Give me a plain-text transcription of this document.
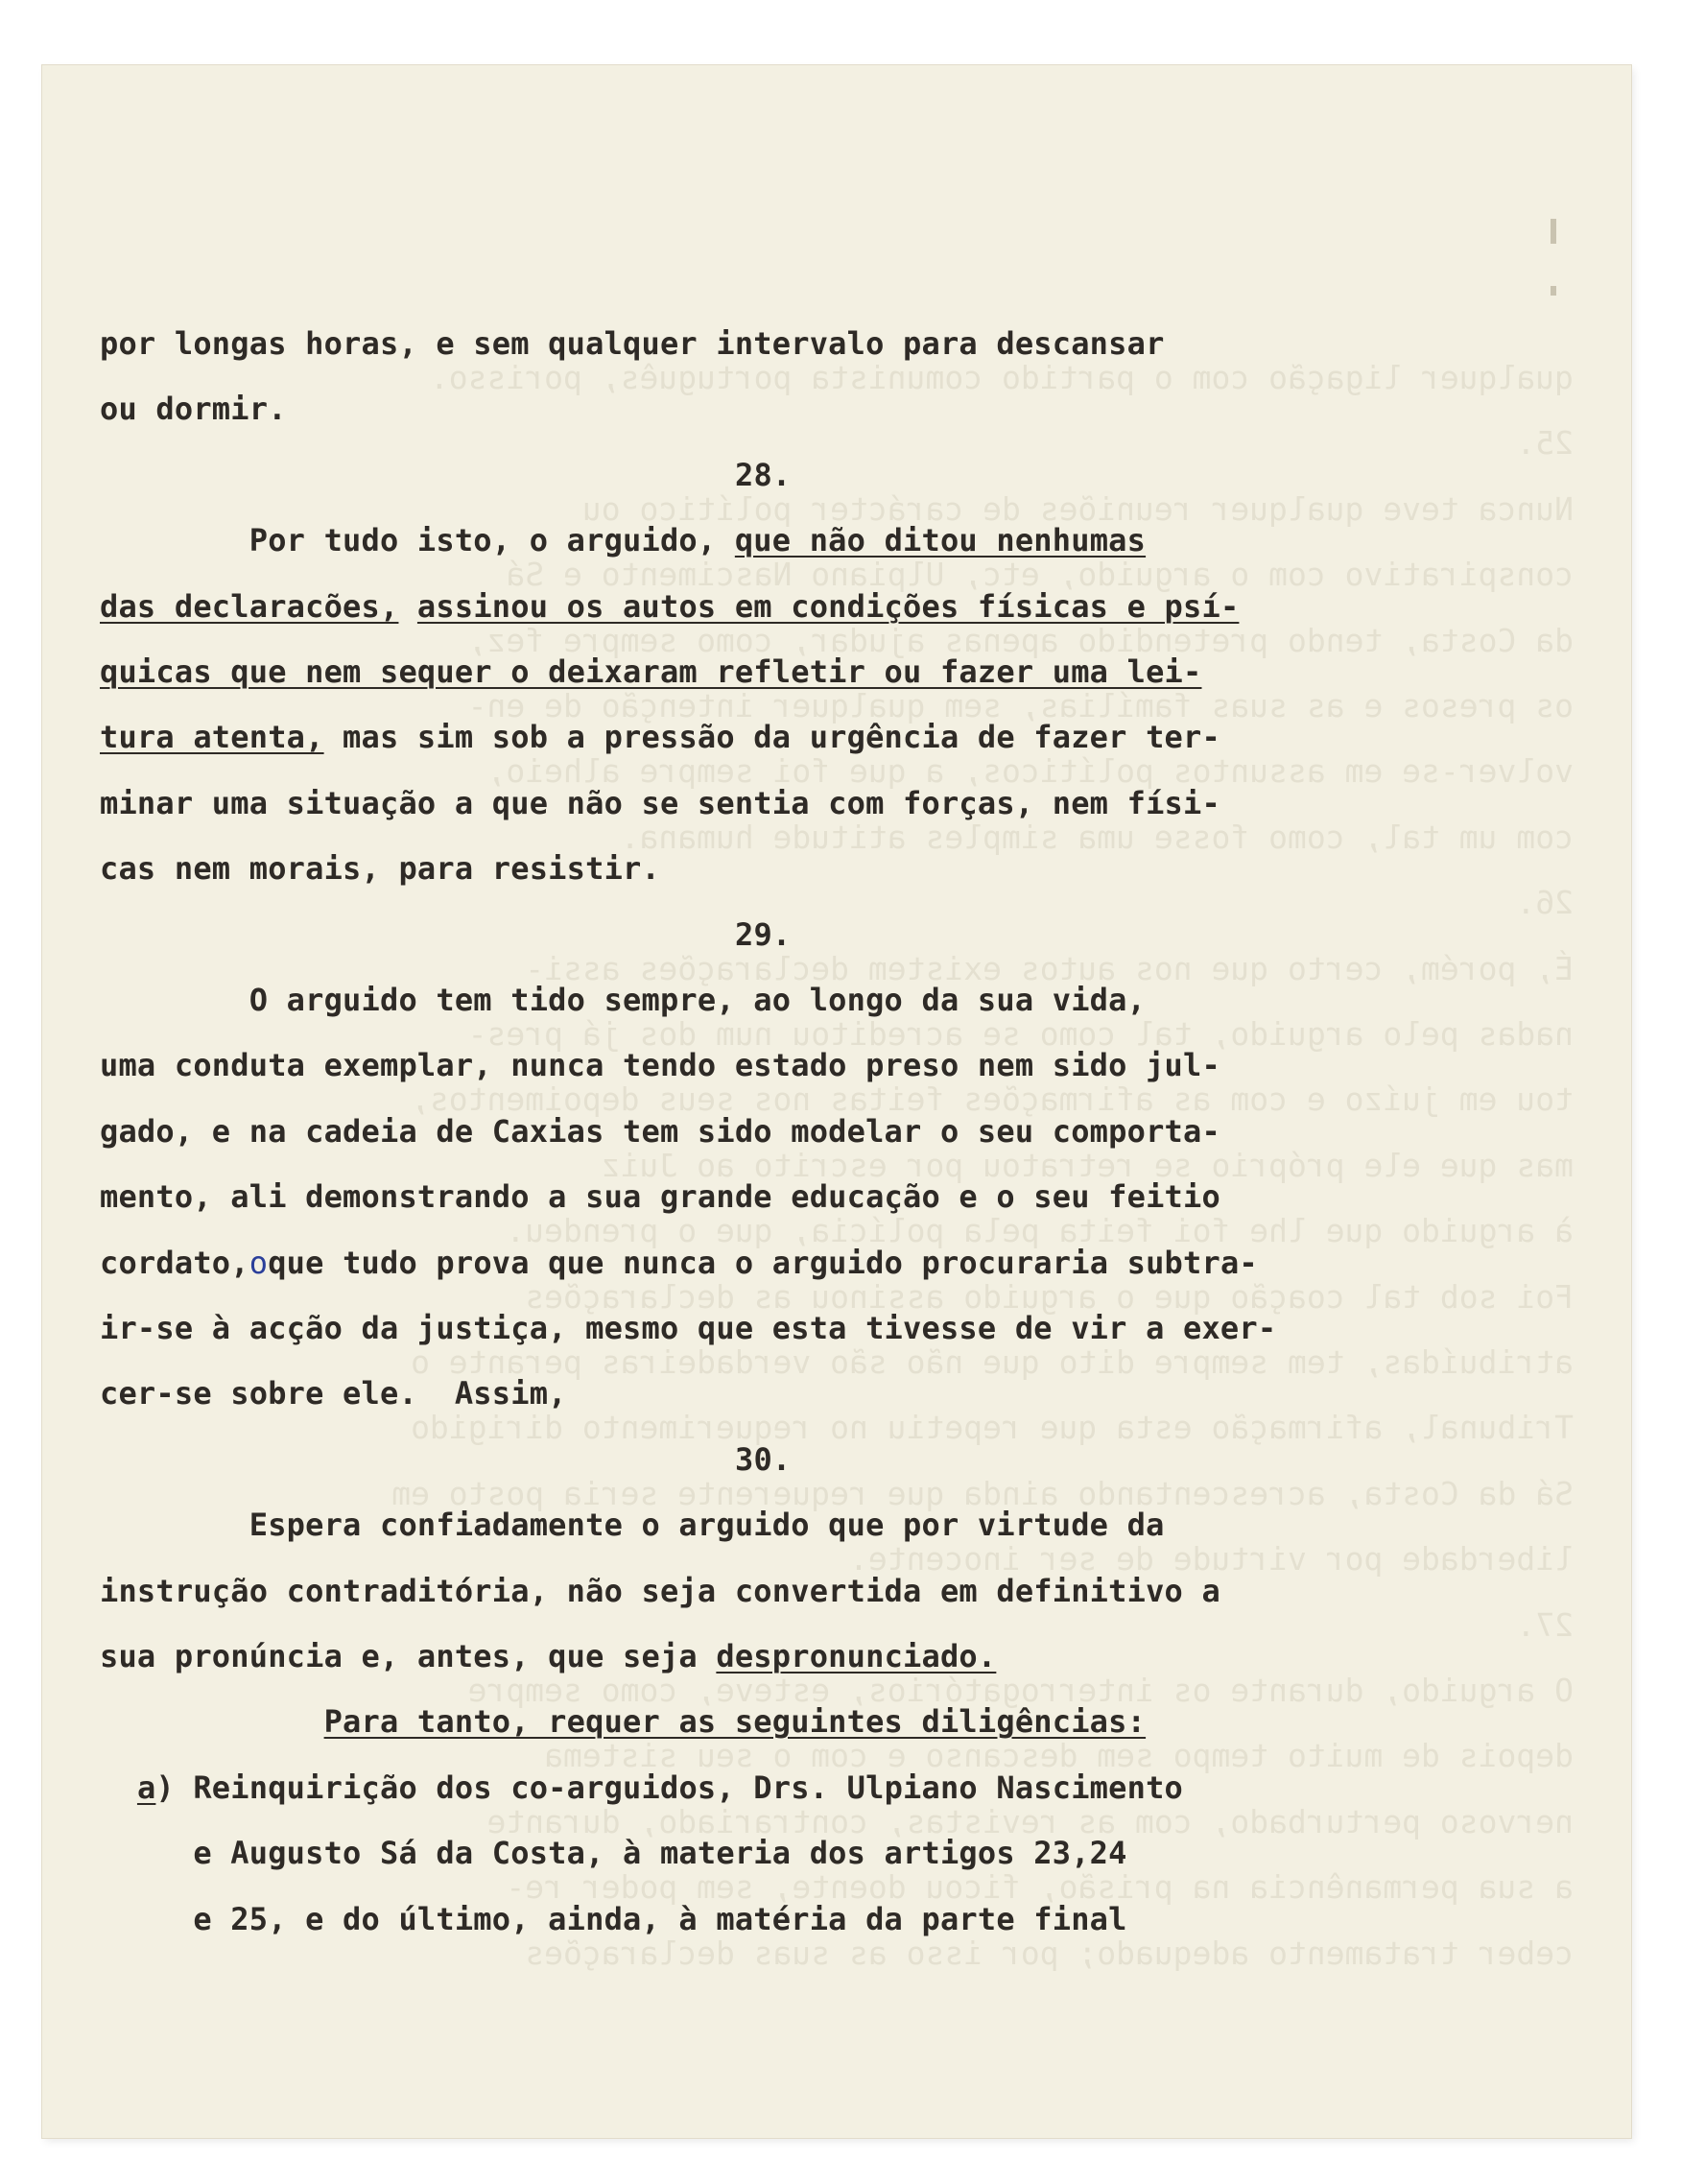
qualquer ligação com o partido comunista português, porisso.
25.
Nunca teve qualquer reuniões de carácter político ou
conspirativo com o arguido, etc, Ulpiano Nascimento e Sá
da Costa, tendo pretendido apenas ajudar, como sempre fez,
os presos e as suas famílias, sem qualquer intenção de en-
volver-se em assuntos políticos, a que foi sempre alheio,
com um tal, como fosse uma simples atitude humana.
26.
É, porém, certo que nos autos existem declarações assi-
nadas pelo arguido, tal como se acreditou num dos já pres-
tou em juízo e com as afirmações feitas nos seus depoimentos,
mas que ele próprio se retratou por escrito ao Juiz
à arguido que lhe foi feita pela polícia, que o prendeu.
Foi sob tal coação que o arguido assinou as declarações
atribuídas, tem sempre dito que não são verdadeiras perante o
Tribunal, afirmação esta que repetiu no requerimento dirigido
Sá da Costa, acrescentando ainda que requerente seria posto em
liberdade por virtude de ser inocente.
27.
O arguido, durante os interrogatórios, esteve, como sempre
depois de muito tempo sem descanso e com o seu sistema
nervoso perturbado, com as revistas, contrariado, durante
a sua permanência na prisão, ficou doente, sem poder re-
ceber tratamento adequado; por isso as suas declarações
por longas horas, e sem qualquer intervalo para descansar
ou dormir.
28.
Por tudo isto, o arguido, que não ditou nenhumas
das declaracões, assinou os autos em condições físicas e psí-
quicas que nem sequer o deixaram refletir ou fazer uma lei-
tura atenta, mas sim sob a pressão da urgência de fazer ter-
minar uma situação a que não se sentia com forças, nem físi-
cas nem morais, para resistir.
29.
O arguido tem tido sempre, ao longo da sua vida,
uma conduta exemplar, nunca tendo estado preso nem sido jul-
gado, e na cadeia de Caxias tem sido modelar o seu comporta-
mento, ali demonstrando a sua grande educação e o seu feitio
cordato,oque tudo prova que nunca o arguido procuraria subtra-
ir-se à acção da justiça, mesmo que esta tivesse de vir a exer-
cer-se sobre ele.  Assim,
30.
Espera confiadamente o arguido que por virtude da
instrução contraditória, não seja convertida em definitivo a
sua pronúncia e, antes, que seja despronunciado.
Para tanto, requer as seguintes diligências:
a) Reinquirição dos co-arguidos, Drs. Ulpiano Nascimento
e Augusto Sá da Costa, à materia dos artigos 23,24
e 25, e do último, ainda, à matéria da parte final
